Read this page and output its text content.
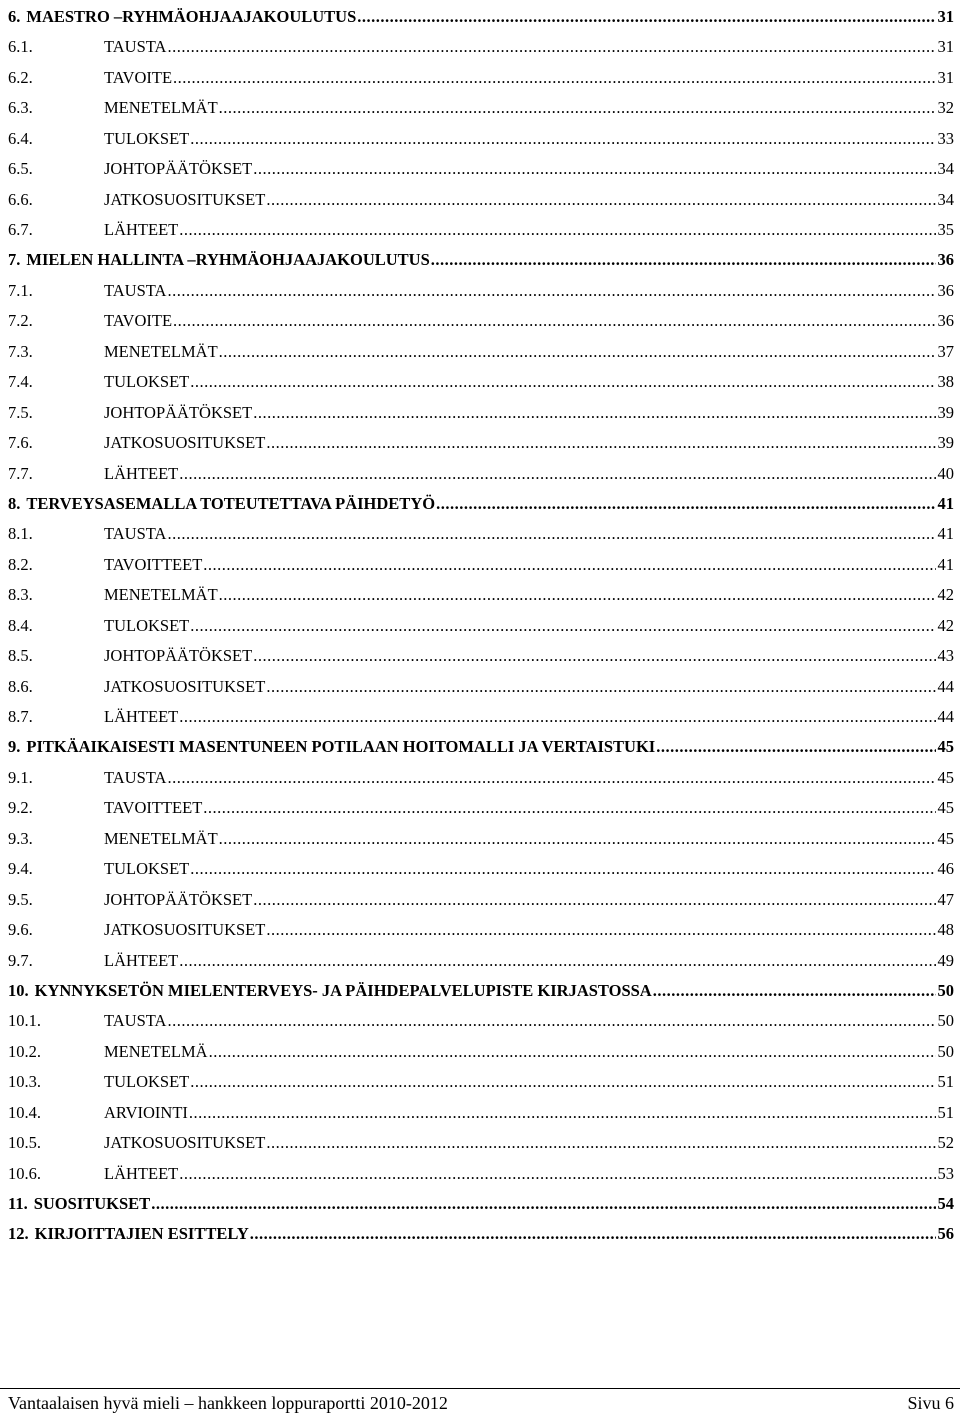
6. MAESTRO –RYHMÄOHJAAJAKOULUTUS .....	31
6.1.	TAUSTA .....	31
6.2.	TAVOITE .....	31
6.3.	MENETELMÄT .....	32
6.4.	TULOKSET .....	33
6.5.	JOHTOPÄÄTÖKSET .....	34
6.6.	JATKOSUOSITUKSET .....	34
6.7.	LÄHTEET .....	35
7. MIELEN HALLINTA –RYHMÄOHJAAJAKOULUTUS .....	36
7.1.	TAUSTA .....	36
7.2.	TAVOITE .....	36
7.3.	MENETELMÄT .....	37
7.4.	TULOKSET .....	38
7.5.	JOHTOPÄÄTÖKSET .....	39
7.6.	JATKOSUOSITUKSET .....	39
7.7.	LÄHTEET .....	40
8. TERVEYSASEMALLA TOTEUTETTAVA PÄIHDETYÖ .....	41
8.1.	TAUSTA .....	41
8.2.	TAVOITTEET .....	41
8.3.	MENETELMÄT .....	42
8.4.	TULOKSET .....	42
8.5.	JOHTOPÄÄTÖKSET .....	43
8.6.	JATKOSUOSITUKSET .....	44
8.7.	LÄHTEET .....	44
9. PITKÄAIKAISESTI MASENTUNEEN POTILAAN HOITOMALLI JA VERTAISTUKI .....	45
9.1.	TAUSTA .....	45
9.2.	TAVOITTEET .....	45
9.3.	MENETELMÄT .....	45
9.4.	TULOKSET .....	46
9.5.	JOHTOPÄÄTÖKSET .....	47
9.6.	JATKOSUOSITUKSET .....	48
9.7.	LÄHTEET .....	49
10. KYNNYKSETÖN MIELENTERVEYS- JA PÄIHDEPALVELUPISTE KIRJASTOSSA .....	50
10.1.	TAUSTA .....	50
10.2.	MENETELMÄ .....	50
10.3.	TULOKSET .....	51
10.4.	ARVIOINTI .....	51
10.5.	JATKOSUOSITUKSET .....	52
10.6.	LÄHTEET .....	53
11. SUOSITUKSET .....	54
12. KIRJOITTAJIEN ESITTELY .....	56
Vantaalaisen hyvä mieli – hankkeen loppuraportti 2010-2012	Sivu 6
